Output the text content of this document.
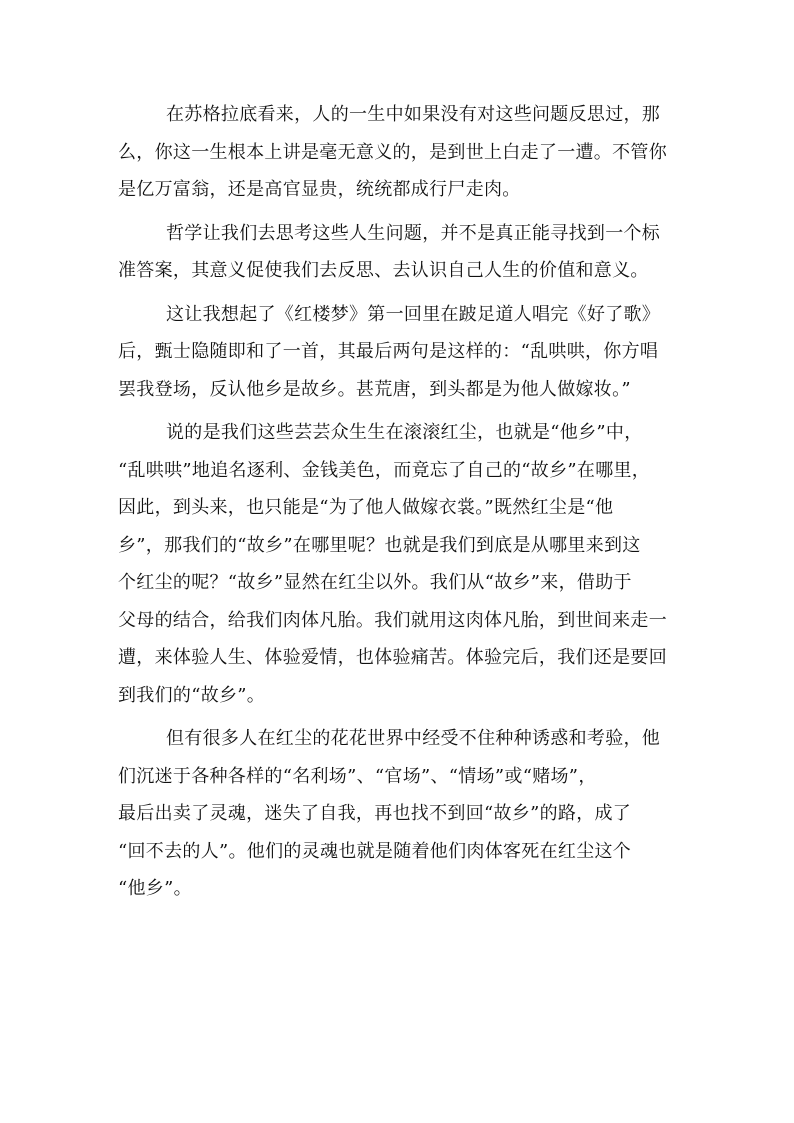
在苏格拉底看来，人的一生中如果没有对这些问题反思过，那
么，你这一生根本上讲是毫无意义的，是到世上白走了一遭。不管你
是亿万富翁，还是高官显贵，统统都成行尸走肉。

哲学让我们去思考这些人生问题，并不是真正能寻找到一个标
准答案，其意义促使我们去反思、去认识自己人生的价值和意义。

这让我想起了《红楼梦》第一回里在跛足道人唱完《好了歌》
后，甄士隐随即和了一首，其最后两句是这样的：“乱哄哄，你方唱
罢我登场，反认他乡是故乡。甚荒唐，到头都是为他人做嫁妆。”

说的是我们这些芸芸众生生在滚滚红尘，也就是“他乡”中，
“乱哄哄”地追名逐利、金钱美色，而竟忘了自己的“故乡”在哪里，
因此，到头来，也只能是“为了他人做嫁衣裳。”既然红尘是“他
乡”，那我们的“故乡”在哪里呢？也就是我们到底是从哪里来到这
个红尘的呢？“故乡”显然在红尘以外。我们从“故乡”来，借助于
父母的结合，给我们肉体凡胎。我们就用这肉体凡胎，到世间来走一
遭，来体验人生、体验爱情，也体验痛苦。体验完后，我们还是要回
到我们的“故乡”。

但有很多人在红尘的花花世界中经受不住种种诱惑和考验，他
们沉迷于各种各样的“名利场”、“官场”、“情场”或“赌场”，
最后出卖了灵魂，迷失了自我，再也找不到回“故乡”的路，成了
“回不去的人”。他们的灵魂也就是随着他们肉体客死在红尘这个
“他乡”。
